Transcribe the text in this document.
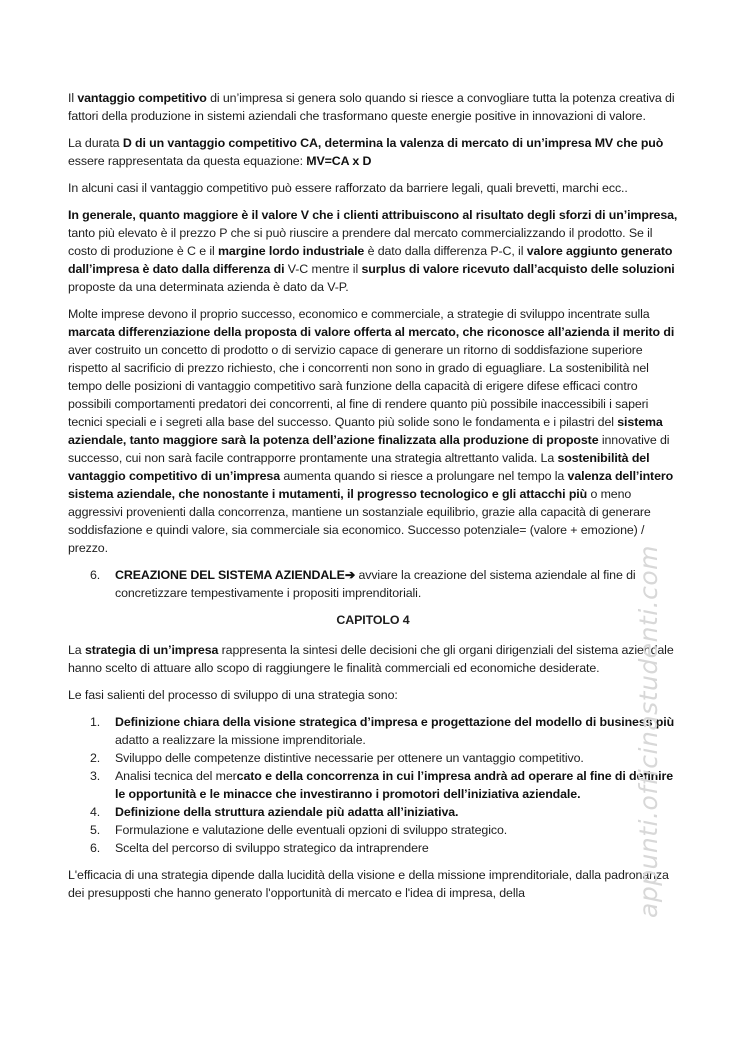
Il vantaggio competitivo di un’impresa si genera solo quando si riesce a convogliare tutta la potenza creativa di fattori della produzione in sistemi aziendali che trasformano queste energie positive in innovazioni di valore.

La durata D di un vantaggio competitivo CA, determina la valenza di mercato di un’impresa MV che può essere rappresentata da questa equazione: MV=CA x D

In alcuni casi il vantaggio competitivo può essere rafforzato da barriere legali, quali brevetti, marchi ecc..

In generale, quanto maggiore è il valore V che i clienti attribuiscono al risultato degli sforzi di un’impresa, tanto più elevato è il prezzo P che si può riuscire a prendere dal mercato commercializzando il prodotto. Se il costo di produzione è C e il margine lordo industriale è dato dalla differenza P-C, il valore aggiunto generato dall’impresa è dato dalla differenza di V-C mentre il surplus di valore ricevuto dall’acquisto delle soluzioni proposte da una determinata azienda è dato da V-P.

Molte imprese devono il proprio successo, economico e commerciale, a strategie di sviluppo incentrate sulla marcata differenziazione della proposta di valore offerta al mercato, che riconosce all’azienda il merito di aver costruito un concetto di prodotto o di servizio capace di generare un ritorno di soddisfazione superiore rispetto al sacrificio di prezzo richiesto, che i concorrenti non sono in grado di eguagliare. La sostenibilità nel tempo delle posizioni di vantaggio competitivo sarà funzione della capacità di erigere difese efficaci contro possibili comportamenti predatori dei concorrenti, al fine di rendere quanto più possibile inaccessibili i saperi tecnici speciali e i segreti alla base del successo. Quanto più solide sono le fondamenta e i pilastri del sistema aziendale, tanto maggiore sarà la potenza dell’azione finalizzata alla produzione di proposte innovative di successo, cui non sarà facile contrapporre prontamente una strategia altrettanto valida. La sostenibilità del vantaggio competitivo di un’impresa aumenta quando si riesce a prolungare nel tempo la valenza dell’intero sistema aziendale, che nonostante i mutamenti, il progresso tecnologico e gli attacchi più o meno aggressivi provenienti dalla concorrenza, mantiene un sostanziale equilibrio, grazie alla capacità di generare soddisfazione e quindi valore, sia commerciale sia economico. Successo potenziale= (valore + emozione) / prezzo.

6.	CREAZIONE DEL SISTEMA AZIENDALE➔ avviare la creazione del sistema aziendale al fine di concretizzare tempestivamente i propositi imprenditoriali.
CAPITOLO 4

La strategia di un’impresa rappresenta la sintesi delle decisioni che gli organi dirigenziali del sistema aziendale hanno scelto di attuare allo scopo di raggiungere le finalità commerciali ed economiche desiderate.

Le fasi salienti del processo di sviluppo di una strategia sono:

1.	Definizione chiara della visione strategica d’impresa e progettazione del modello di business più adatto a realizzare la missione imprenditoriale.
2.	Sviluppo delle competenze distintive necessarie per ottenere un vantaggio competitivo.
3.	Analisi tecnica del mercato e della concorrenza in cui l’impresa andrà ad operare al fine di definire le opportunità e le minacce che investiranno i promotori dell’iniziativa aziendale.
4.	Definizione della struttura aziendale più adatta all’iniziativa.
5.	Formulazione e valutazione delle eventuali opzioni di sviluppo strategico.
6.	Scelta del percorso di sviluppo strategico da intraprendere

L'efficacia di una strategia dipende dalla lucidità della visione e della missione imprenditoriale, dalla padronanza dei presupposti che hanno generato l'opportunità di mercato e l'idea di impresa, della	appunti.officinastudenti.com
